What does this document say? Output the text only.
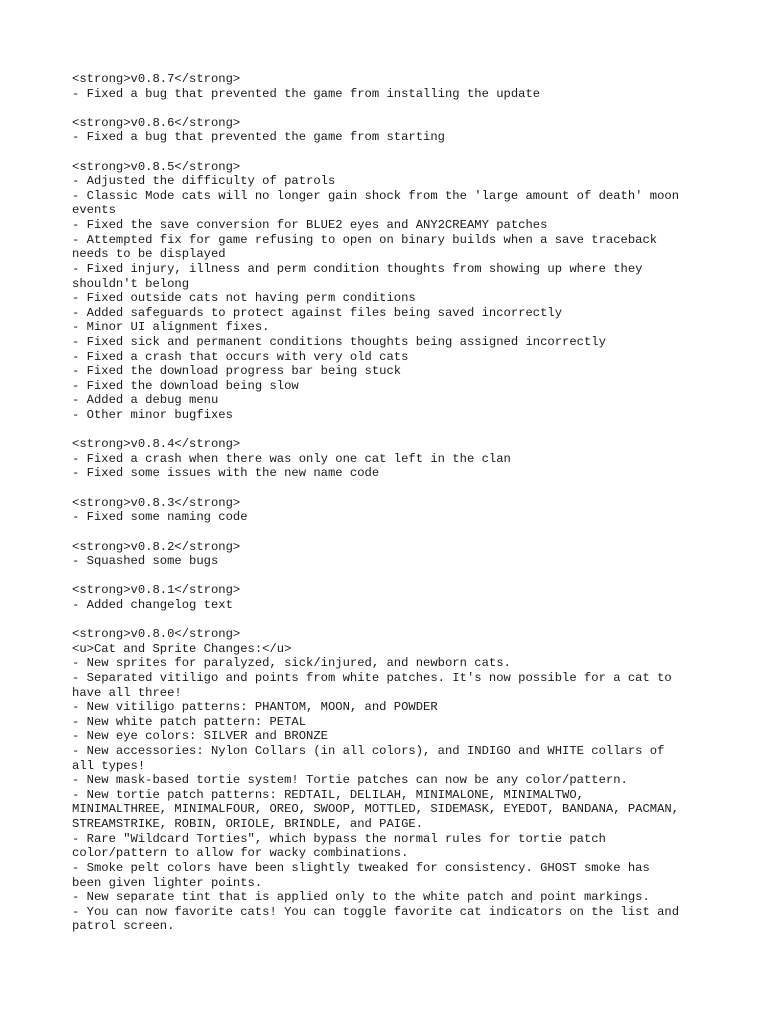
<strong>v0.8.7</strong>
- Fixed a bug that prevented the game from installing the update
<strong>v0.8.6</strong>
- Fixed a bug that prevented the game from starting
<strong>v0.8.5</strong>
- Adjusted the difficulty of patrols
- Classic Mode cats will no longer gain shock from the 'large amount of death' moon
events
- Fixed the save conversion for BLUE2 eyes and ANY2CREAMY patches
- Attempted fix for game refusing to open on binary builds when a save traceback
needs to be displayed
- Fixed injury, illness and perm condition thoughts from showing up where they
shouldn't belong
- Fixed outside cats not having perm conditions
- Added safeguards to protect against files being saved incorrectly
- Minor UI alignment fixes.
- Fixed sick and permanent conditions thoughts being assigned incorrectly
- Fixed a crash that occurs with very old cats
- Fixed the download progress bar being stuck
- Fixed the download being slow
- Added a debug menu
- Other minor bugfixes
<strong>v0.8.4</strong>
- Fixed a crash when there was only one cat left in the clan
- Fixed some issues with the new name code
<strong>v0.8.3</strong>
- Fixed some naming code
<strong>v0.8.2</strong>
- Squashed some bugs
<strong>v0.8.1</strong>
- Added changelog text
<strong>v0.8.0</strong>
<u>Cat and Sprite Changes:</u>
- New sprites for paralyzed, sick/injured, and newborn cats.
- Separated vitiligo and points from white patches. It's now possible for a cat to
have all three!
- New vitiligo patterns: PHANTOM, MOON, and POWDER
- New white patch pattern: PETAL
- New eye colors: SILVER and BRONZE
- New accessories: Nylon Collars (in all colors), and INDIGO and WHITE collars of
all types!
- New mask-based tortie system! Tortie patches can now be any color/pattern.
- New tortie patch patterns: REDTAIL, DELILAH, MINIMALONE, MINIMALTWO,
MINIMALTHREE, MINIMALFOUR, OREO, SWOOP, MOTTLED, SIDEMASK, EYEDOT, BANDANA, PACMAN,
STREAMSTRIKE, ROBIN, ORIOLE, BRINDLE, and PAIGE.
- Rare "Wildcard Torties", which bypass the normal rules for tortie patch
color/pattern to allow for wacky combinations.
- Smoke pelt colors have been slightly tweaked for consistency. GHOST smoke has
been given lighter points.
- New separate tint that is applied only to the white patch and point markings.
- You can now favorite cats! You can toggle favorite cat indicators on the list and
patrol screen.
